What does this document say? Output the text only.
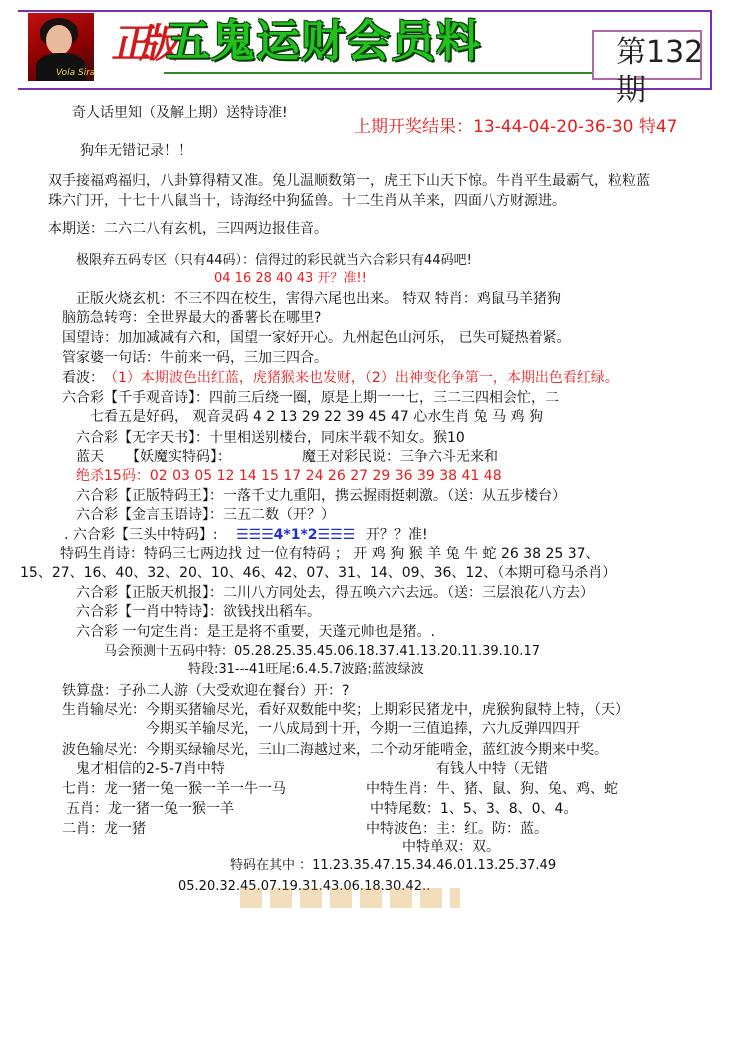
Vola Sira
正版
五鬼运财会员料	第132期
奇人话里知（及解上期）送特诗准!
上期开奖结果：13-44-04-20-36-30 特47
狗年无错记录！！
双手接福鸡福归，八卦算得精又准。兔儿温顺数第一，虎王下山天下惊。牛肖平生最霸气，粒粒蓝
珠六门开，十七十八鼠当十，诗海经中狗猛兽。十二生肖从羊来，四面八方财源进。
本期送：二六二八有玄机，三四两边报佳音。
极限弃五码专区（只有44码）：信得过的彩民就当六合彩只有44码吧!
04 16 28 40 43 开？准!!
正版火烧玄机：不三不四在校生，害得六尾也出来。 特双 特肖：鸡鼠马羊猪狗
脑筋急转弯：全世界最大的番薯长在哪里?
国望诗：加加减减有六和，国望一家好开心。九州起色山河乐， 已失可疑热着紧。
管家婆一句话：牛前来一码，三加三四合。
看波： （1）本期波色出红蓝，虎猪猴来也发财，（2）出神变化争第一，本期出色看红绿。
六合彩【千手观音诗】：四前三后绕一圈，原是上期一一七，三二三四相会忙，二
七看五是好码， 观音灵码 4 2 13 29 22 39 45 47 心水生肖 兔 马 鸡 狗
六合彩【无字天书】：十里相送别楼台，同床半载不知女。猴10
蓝天 【妖魔实特码】：	魔王对彩民说：三争六斗无来和
绝杀15码：02 03 05 12 14 15 17 24 26 27 29 36 39 38 41 48
六合彩【正版特码王】：一落千丈九重阳，携云握雨挺刺激。（送：从五步楼台）
六合彩【金言玉语诗】：三五二数（开？）
. 六合彩【三头中特码】: ☰☰☰4*1*2☰☰☰ 开？？准!
特码生肖诗：特码三七两边找 过一位有特码 ； 开 鸡 狗 猴 羊 兔 牛 蛇 26 38 25 37、
15、27、16、40、32、20、10、46、42、07、31、14、09、36、12、（本期可稳马杀肖）
六合彩【正版天机报】：二川八方同处去，得五唤六六去远。（送：三层浪花八方去）
六合彩【一肖中特诗】：欲钱找出稻车。
六合彩 一句定生肖：是王是将不重要，天蓬元帅也是猪。.
马会预测十五码中特：05.28.25.35.45.06.18.37.41.13.20.11.39.10.17
特段:31---41旺尾:6.4.5.7波路:蓝波绿波
铁算盘：子孙二人游（大受欢迎在餐台）开：?
生肖输尽光：今期买猪输尽光，看好双数能中奖；上期彩民猪龙中，虎猴狗鼠特上特，（天）
今期买羊输尽光，一八成局到十开，今期一三值追捧，六九反弹四四开
波色输尽光：今期买绿输尽光，三山二海越过来，二个动牙能啃金，蓝红波今期来中奖。
鬼才相信的2-5-7肖中特	有钱人中特（无错
七肖：龙一猪一兔一猴一羊一牛一马	中特生肖：牛、猪、鼠、狗、兔、鸡、蛇
五肖：龙一猪一兔一猴一羊	中特尾数：1、5、3、8、0、4。
二肖：龙一猪	中特波色：主：红。防：蓝。
中特单双：双。
特码在其中 ：11.23.35.47.15.34.46.01.13.25.37.49
05.20.32.45.07.19.31.43.06.18.30.42..
